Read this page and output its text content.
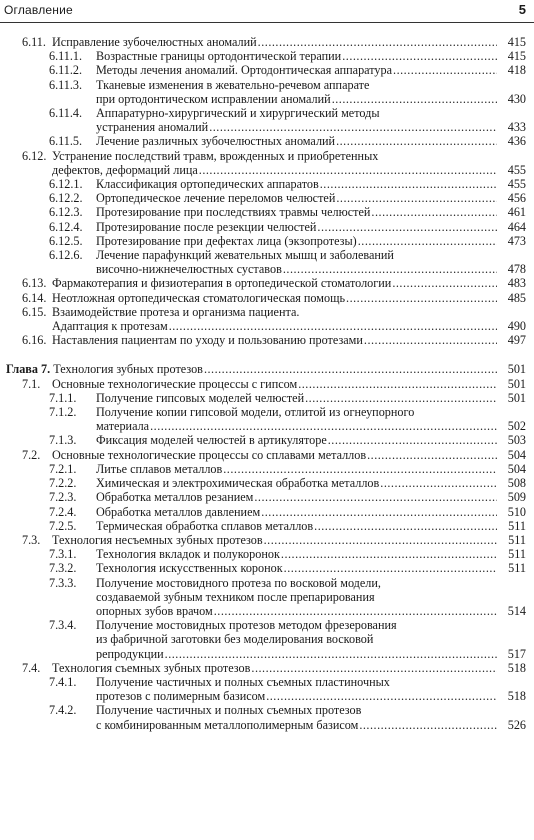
Оглавление	5
6.11. Исправление зубочелюстных аномалий .....	415
6.11.1. Возрастные границы ортодонтической терапии .....	415
6.11.2. Методы лечения аномалий. Ортодонтическая аппаратура .....	418
6.11.3. Тканевые изменения в жевательно-речевом аппарате
при ортодонтическом исправлении аномалий .....	430
6.11.4. Аппаратурно-хирургический и хирургический методы
устранения аномалий .....	433
6.11.5. Лечение различных зубочелюстных аномалий .....	436
6.12. Устранение последствий травм, врожденных и приобретенных
дефектов, деформаций лица .....	455
6.12.1. Классификация ортопедических аппаратов .....	455
6.12.2. Ортопедическое лечение переломов челюстей .....	456
6.12.3. Протезирование при последствиях травмы челюстей .....	461
6.12.4. Протезирование после резекции челюстей .....	464
6.12.5. Протезирование при дефектах лица (экзопротезы) .....	473
6.12.6. Лечение парафункций жевательных мышц и заболеваний
височно-нижнечелюстных суставов .....	478
6.13. Фармакотерапия и физиотерапия в ортопедической стоматологии .....	483
6.14. Неотложная ортопедическая стоматологическая помощь .....	485
6.15. Взаимодействие протеза и организма пациента.
Адаптация к протезам .....	490
6.16. Наставления пациентам по уходу и пользованию протезами .....	497
Глава 7. Технология зубных протезов .....	501
7.1. Основные технологические процессы с гипсом .....	501
7.1.1.	Получение гипсовых моделей челюстей .....	501
7.1.2.	Получение копии гипсовой модели, отлитой из огнеупорного
материала .....	502
7.1.3.	Фиксация моделей челюстей в артикуляторе .....	503
7.2. Основные технологические процессы со сплавами металлов .....	504
7.2.1.	Литье сплавов металлов .....	504
7.2.2.	Химическая и электрохимическая обработка металлов .....	508
7.2.3.	Обработка металлов резанием .....	509
7.2.4.	Обработка металлов давлением .....	510
7.2.5.	Термическая обработка сплавов металлов .....	511
7.3. Технология несъемных зубных протезов .....	511
7.3.1.	Технология вкладок и полукоронок .....	511
7.3.2.	Технология искусственных коронок .....	511
7.3.3.	Получение мостовидного протеза по восковой модели,
создаваемой зубным техником после препарирования
опорных зубов врачом .....	514
7.3.4.	Получение мостовидных протезов методом фрезерования
из фабричной заготовки без моделирования восковой
репродукции .....	517
7.4. Технология съемных зубных протезов .....	518
7.4.1.	Получение частичных и полных съемных пластиночных
протезов с полимерным базисом .....	518
7.4.2.	Получение частичных и полных съемных протезов
с комбинированным металлополимерным базисом .....	526
